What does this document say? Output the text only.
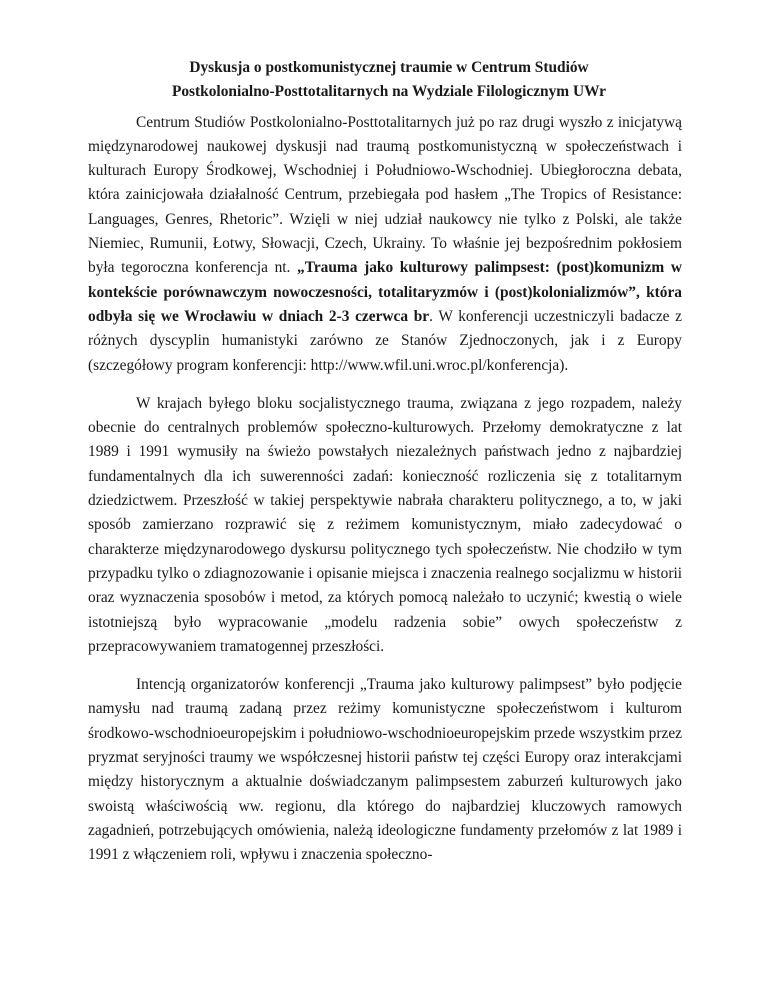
Dyskusja o postkomunistycznej traumie w Centrum Studiów
Postkolonialno-Posttotalitarnych na Wydziale Filologicznym UWr

Centrum Studiów Postkolonialno-Posttotalitarnych już po raz drugi wyszło z inicjatywą międzynarodowej naukowej dyskusji nad traumą postkomunistyczną w społeczeństwach i kulturach Europy Środkowej, Wschodniej i Południowo-Wschodniej. Ubiegłoroczna debata, która zainicjowała działalność Centrum, przebiegała pod hasłem „The Tropics of Resistance: Languages, Genres, Rhetoric”. Wzięli w niej udział naukowcy nie tylko z Polski, ale także Niemiec, Rumunii, Łotwy, Słowacji, Czech, Ukrainy. To właśnie jej bezpośrednim pokłosiem była tegoroczna konferencja nt. „Trauma jako kulturowy palimpsest: (post)komunizm w kontekście porównawczym nowoczesności, totalitaryzmów i (post)kolonializmów”, która odbyła się we Wrocławiu w dniach 2-3 czerwca br. W konferencji uczestniczyli badacze z różnych dyscyplin humanistyki zarówno ze Stanów Zjednoczonych, jak i z Europy (szczegółowy program konferencji: http://www.wfil.uni.wroc.pl/konferencja).

W krajach byłego bloku socjalistycznego trauma, związana z jego rozpadem, należy obecnie do centralnych problemów społeczno-kulturowych. Przełomy demokratyczne z lat 1989 i 1991 wymusiły na świeżo powstałych niezależnych państwach jedno z najbardziej fundamentalnych dla ich suwerenności zadań: konieczność rozliczenia się z totalitarnym dziedzictwem. Przeszłość w takiej perspektywie nabrała charakteru politycznego, a to, w jaki sposób zamierzano rozprawić się z reżimem komunistycznym, miało zadecydować o charakterze międzynarodowego dyskursu politycznego tych społeczeństw. Nie chodziło w tym przypadku tylko o zdiagnozowanie i opisanie miejsca i znaczenia realnego socjalizmu w historii oraz wyznaczenia sposobów i metod, za których pomocą należało to uczynić; kwestią o wiele istotniejszą było wypracowanie „modelu radzenia sobie” owych społeczeństw z przepracowywaniem tramatogennej przeszłości.

Intencją organizatorów konferencji „Trauma jako kulturowy palimpsest” było podjęcie namysłu nad traumą zadaną przez reżimy komunistyczne społeczeństwom i kulturom środkowo-wschodnioeuropejskim i południowo-wschodnioeuropejskim przede wszystkim przez pryzmat seryjności traumy we współczesnej historii państw tej części Europy oraz interakcjami między historycznym a aktualnie doświadczanym palimpsestem zaburzeń kulturowych jako swoistą właściwością ww. regionu, dla którego do najbardziej kluczowych ramowych zagadnień, potrzebujących omówienia, należą ideologiczne fundamenty przełomów z lat 1989 i 1991 z włączeniem roli, wpływu i znaczenia społeczno-
